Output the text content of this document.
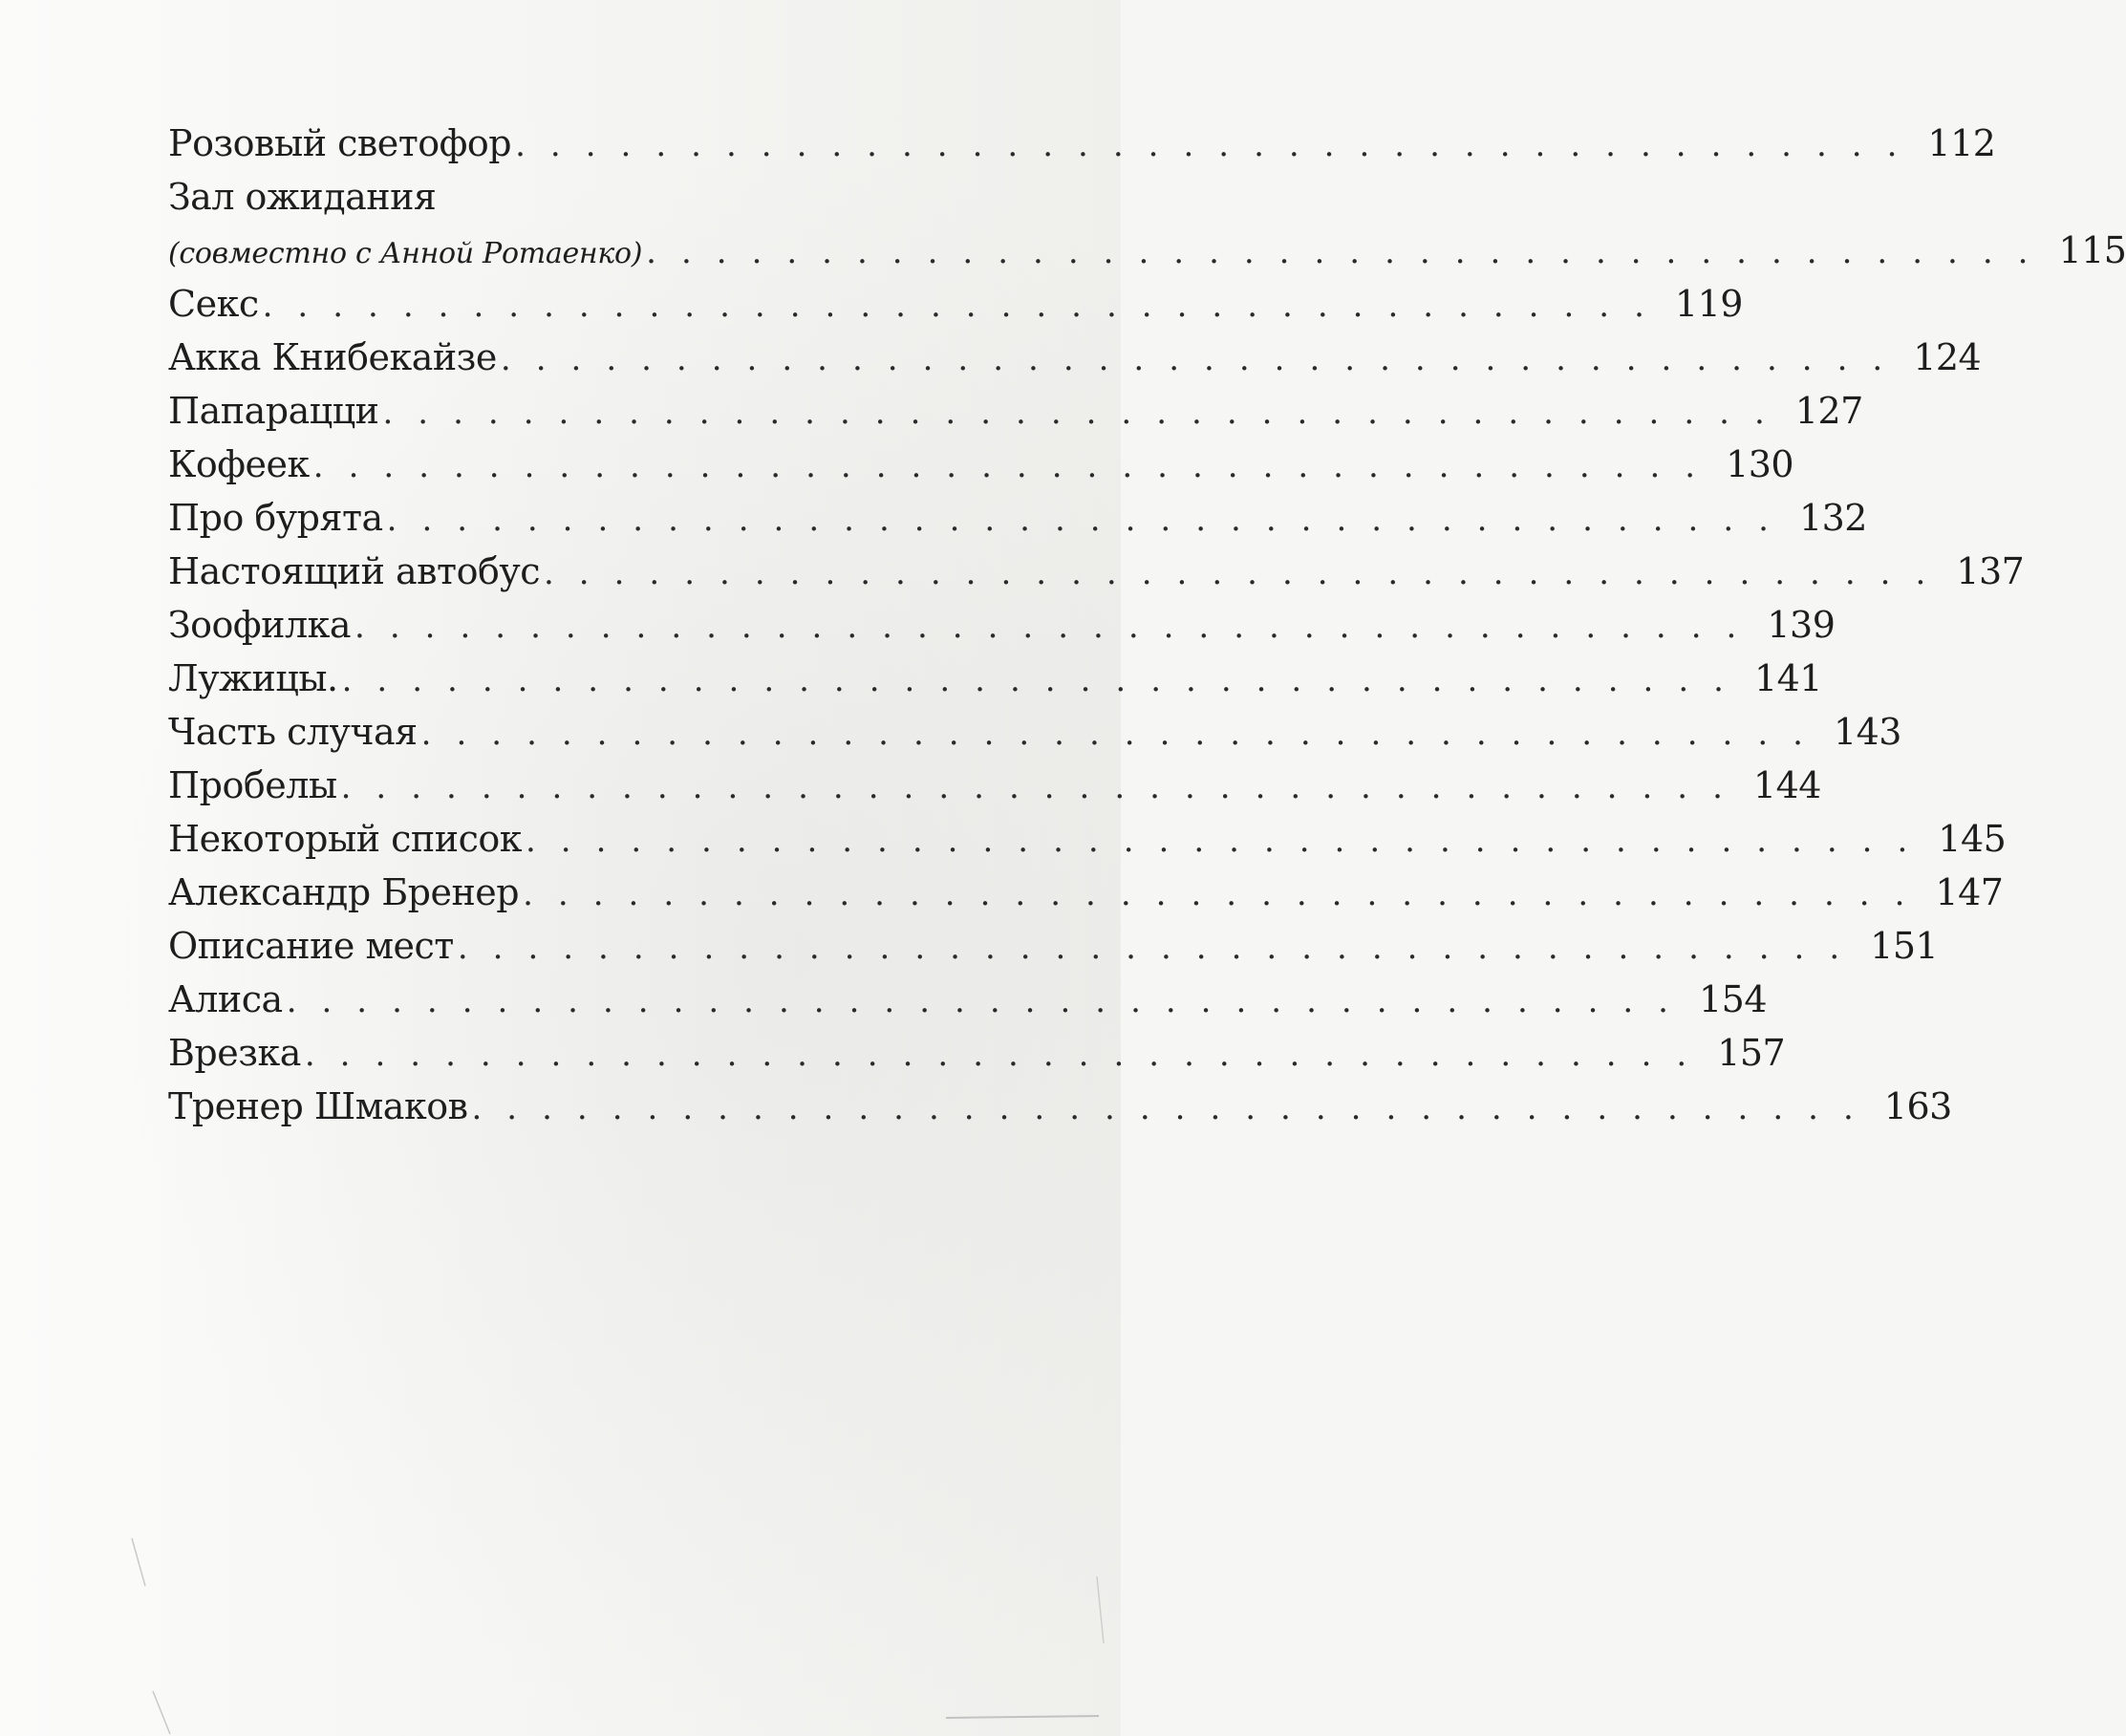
Розовый светофор ........................................ 112
Зал ожидания
(совместно с Анной Ротаенко) ........................................ 115
Секс ........................................ 119
Акка Книбекайзе ........................................ 124
Папарацци ........................................ 127
Кофеек ........................................ 130
Про бурята ........................................ 132
Настоящий автобус ........................................ 137
Зоофилка ........................................ 139
Лужицы. ........................................ 141
Часть случая ........................................ 143
Пробелы ........................................ 144
Некоторый список ........................................ 145
Александр Бренер ........................................ 147
Описание мест ........................................ 151
Алиса ........................................ 154
Врезка ........................................ 157
Тренер Шмаков ........................................ 163
